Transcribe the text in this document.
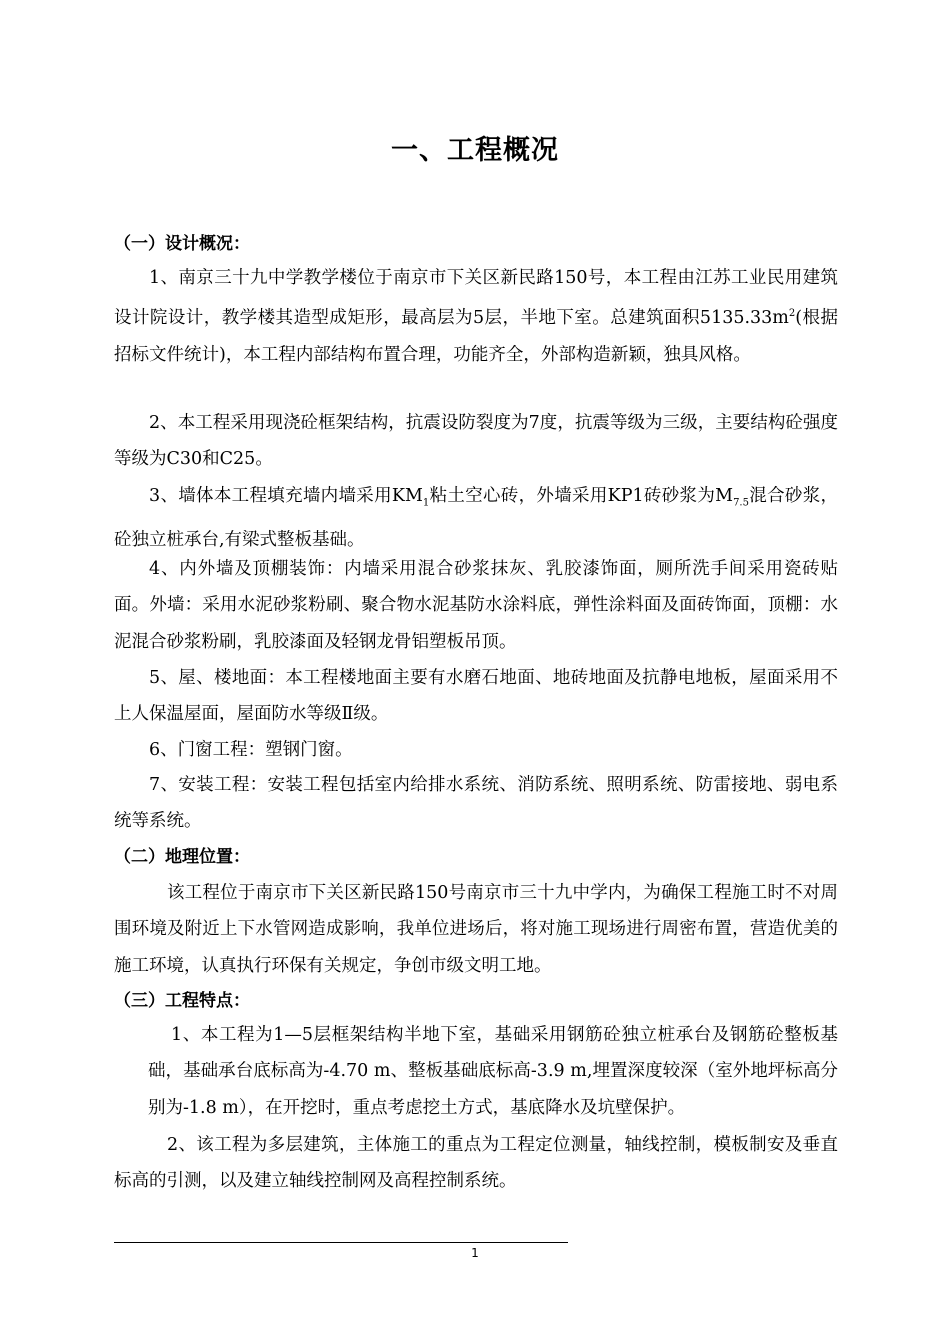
一、工程概况

（一）设计概况：

1、南京三十九中学教学楼位于南京市下关区新民路150号，本工程由江苏工业民用建筑设计院设计，教学楼其造型成矩形，最高层为5层，半地下室。总建筑面积$5135.33m^2$(根据招标文件统计)，本工程内部结构布置合理，功能齐全，外部构造新颖，独具风格。

2、本工程采用现浇砼框架结构，抗震设防裂度为7度，抗震等级为三级，主要结构砼强度等级为C30和C25。

3、墙体本工程填充墙内墙采用$KM_1$粘土空心砖，外墙采用KP1砖砂浆为$M_{7.5}$混合砂浆，砼独立桩承台,有梁式整板基础。

4、内外墙及顶棚装饰：内墙采用混合砂浆抹灰、乳胶漆饰面，厕所洗手间采用瓷砖贴面。外墙：采用水泥砂浆粉刷、聚合物水泥基防水涂料底，弹性涂料面及面砖饰面，顶棚：水泥混合砂浆粉刷，乳胶漆面及轻钢龙骨铝塑板吊顶。

5、屋、楼地面：本工程楼地面主要有水磨石地面、地砖地面及抗静电地板，屋面采用不上人保温屋面，屋面防水等级Ⅱ级。

6、门窗工程：塑钢门窗。

7、安装工程：安装工程包括室内给排水系统、消防系统、照明系统、防雷接地、弱电系统等系统。

（二）地理位置：

该工程位于南京市下关区新民路150号南京市三十九中学内，为确保工程施工时不对周围环境及附近上下水管网造成影响，我单位进场后，将对施工现场进行周密布置，营造优美的施工环境，认真执行环保有关规定，争创市级文明工地。

（三）工程特点：

1、本工程为1—5层框架结构半地下室，基础采用钢筋砼独立桩承台及钢筋砼整板基础，基础承台底标高为-4.70 m、整板基础底标高-3.9 m,埋置深度较深（室外地坪标高分别为-1.8 m），在开挖时，重点考虑挖土方式，基底降水及坑壁保护。

2、该工程为多层建筑，主体施工的重点为工程定位测量，轴线控制，模板制安及垂直标高的引测，以及建立轴线控制网及高程控制系统。

1
